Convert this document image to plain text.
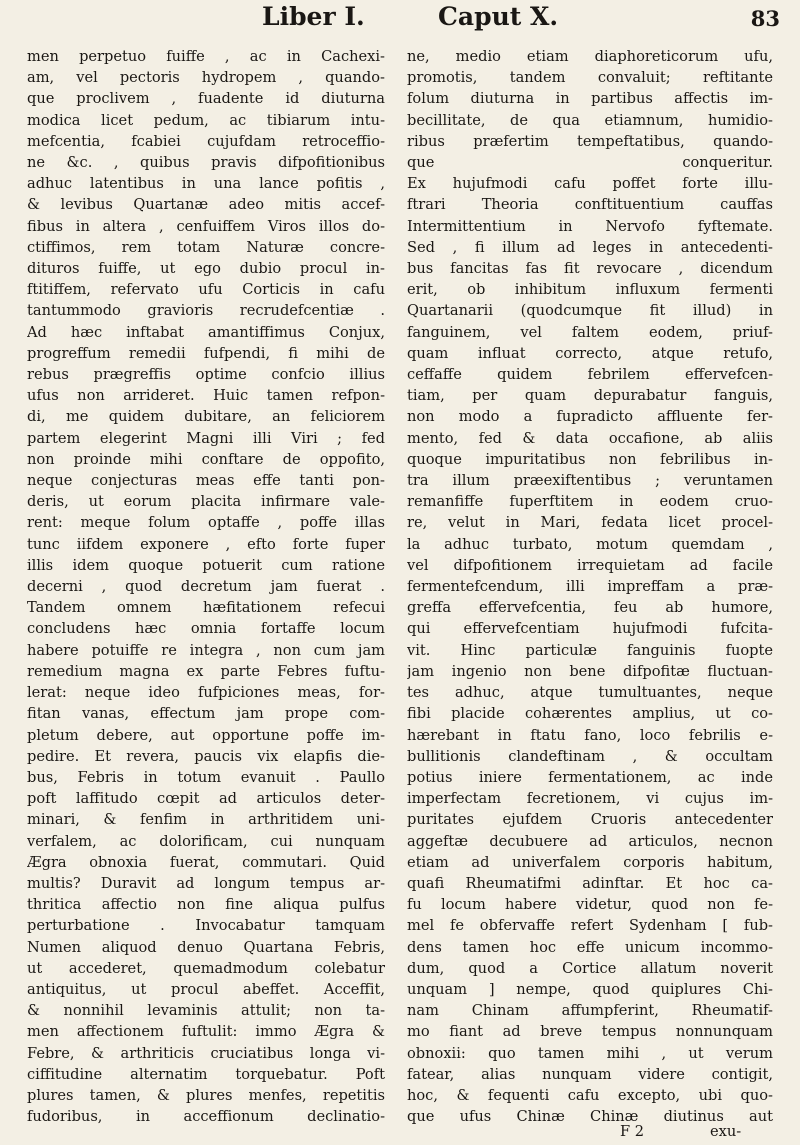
Liber I.	Caput X.	83
men perpetuo fuiffe , ac in Cachexi-
am, vel pectoris hydropem , quando-
que proclivem , fuadente id diuturna
modica licet pedum, ac tibiarum intu-
mefcentia, fcabiei cujufdam retroceffio-
ne &c. , quibus pravis difpofitionibus
adhuc latentibus in una lance pofitis ,
& levibus Quartanæ adeo mitis accef-
fibus in altera , cenfuiffem Viros illos do-
ctiffimos, rem totam Naturæ concre-
dituros fuiffe, ut ego dubio procul in-
ftitiffem, refervato ufu Corticis in cafu
tantummodo gravioris recrudefcentiæ .
Ad hæc inftabat amantiffimus Conjux,
progreffum remedii fufpendi, fi mihi de
rebus prægreffis optime confcio illius
ufus non arrideret. Huic tamen refpon-
di, me quidem dubitare, an feliciorem
partem elegerint Magni illi Viri ; fed
non proinde mihi conftare de oppofito,
neque conjecturas meas effe tanti pon-
deris, ut eorum placita infirmare vale-
rent: meque folum optaffe , poffe illas
tunc iifdem exponere , efto forte fuper
illis idem quoque potuerit cum ratione
decerni , quod decretum jam fuerat .
Tandem omnem hæfitationem refecui
concludens hæc omnia fortaffe locum
habere potuiffe re integra , non cum jam
remedium magna ex parte Febres fuftu-
lerat: neque ideo fufpiciones meas, for-
fitan vanas, effectum jam prope com-
pletum debere, aut opportune poffe im-
pedire. Et revera, paucis vix elapfis die-
bus, Febris in totum evanuit . Paullo
poft laffitudo cœpit ad articulos deter-
minari, & fenfim in arthritidem uni-
verfalem, ac dolorificam, cui nunquam
Ægra obnoxia fuerat, commutari. Quid
multis? Duravit ad longum tempus ar-
thritica affectio non fine aliqua pulfus
perturbatione . Invocabatur tamquam
Numen aliquod denuo Quartana Febris,
ut accederet, quemadmodum colebatur
antiquitus, ut procul abeffet. Acceffit,
& nonnihil levaminis attulit; non ta-
men affectionem fuftulit: immo Ægra &
Febre, & arthriticis cruciatibus longa vi-
ciffitudine alternatim torquebatur. Poft
plures tamen, & plures menfes, repetitis
fudoribus, in acceffionum declinatio-
ne, medio etiam diaphoreticorum ufu,
promotis, tandem convaluit; reftitante
folum diuturna in partibus affectis im-
becillitate, de qua etiamnum, humidio-
ribus præfertim tempeftatibus, quando-
que conqueritur.
Ex hujufmodi cafu poffet forte illu-
ftrari Theoria conftituentium cauffas
Intermittentium in Nervofo fyftemate.
Sed , fi illum ad leges in antecedenti-
bus fancitas fas fit revocare , dicendum
erit, ob inhibitum influxum fermenti
Quartanarii (quodcumque fit illud) in
fanguinem, vel faltem eodem, priuf-
quam influat correcto, atque retufo,
ceffaffe quidem febrilem effervefcen-
tiam, per quam depurabatur fanguis,
non modo a fupradicto affluente fer-
mento, fed & data occafione, ab aliis
quoque impuritatibus non febrilibus in-
tra illum præexiftentibus ; veruntamen
remanfiffe fuperftitem in eodem cruo-
re, velut in Mari, fedata licet procel-
la adhuc turbato, motum quemdam ,
vel difpofitionem irrequietam ad facile
fermentefcendum, illi impreffam a præ-
greffa effervefcentia, feu ab humore,
qui effervefcentiam hujufmodi fufcita-
vit. Hinc particulæ fanguinis fuopte
jam ingenio non bene difpofitæ fluctuan-
tes adhuc, atque tumultuantes, neque
fibi placide cohærentes amplius, ut co-
hærebant in ftatu fano, loco febrilis e-
bullitionis clandeftinam , & occultam
potius iniere fermentationem, ac inde
imperfectam fecretionem, vi cujus im-
puritates ejufdem Cruoris antecedenter
aggeftæ decubuere ad articulos, necnon
etiam ad univerfalem corporis habitum,
quafi Rheumatifmi adinftar. Et hoc ca-
fu locum habere videtur, quod non fe-
mel fe obfervaffe refert Sydenham [ fub-
dens tamen hoc effe unicum incommo-
dum, quod a Cortice allatum noverit
unquam ] nempe, quod quiplures Chi-
nam Chinam affumpferint, Rheumatif-
mo fiant ad breve tempus nonnunquam
obnoxii: quo tamen mihi , ut verum
fatear, alias nunquam videre contigit,
hoc, & fequenti cafu excepto, ubi quo-
que ufus Chinæ Chinæ diutinus aut
F 2	exu-
